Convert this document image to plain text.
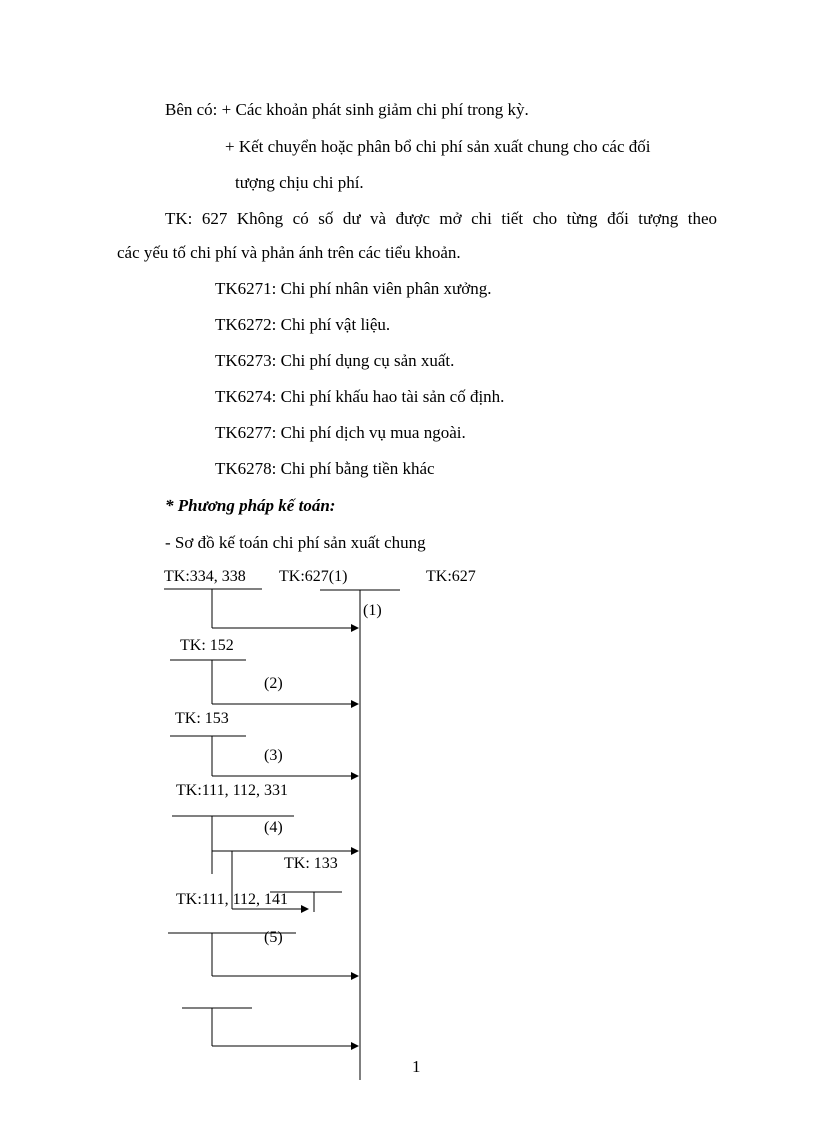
Bên có: + Các khoản phát sinh giảm chi phí trong kỳ.
+ Kết chuyển hoặc phân bổ chi phí sản xuất chung cho các đối
tượng chịu chi phí.
TK: 627 Không có số dư và được mở chi tiết cho từng đối tượng theo
các yếu tố chi phí và phản ánh trên các tiểu khoản.
TK6271: Chi phí nhân viên phân xưởng.
TK6272: Chi phí vật liệu.
TK6273: Chi phí dụng cụ sản xuất.
TK6274: Chi phí khấu hao tài sản cố định.
TK6277: Chi phí dịch vụ mua ngoài.
TK6278: Chi phí bằng tiền khác
* Phương pháp kế toán:
- Sơ đồ kế toán chi phí sản xuất chung
TK:334, 338 TK:627(1)	TK:627
(1)
TK: 152
(2)
TK: 153
(3)
TK:111, 112, 331
(4)
TK: 133
TK:111, 112, 141
(5)
1
